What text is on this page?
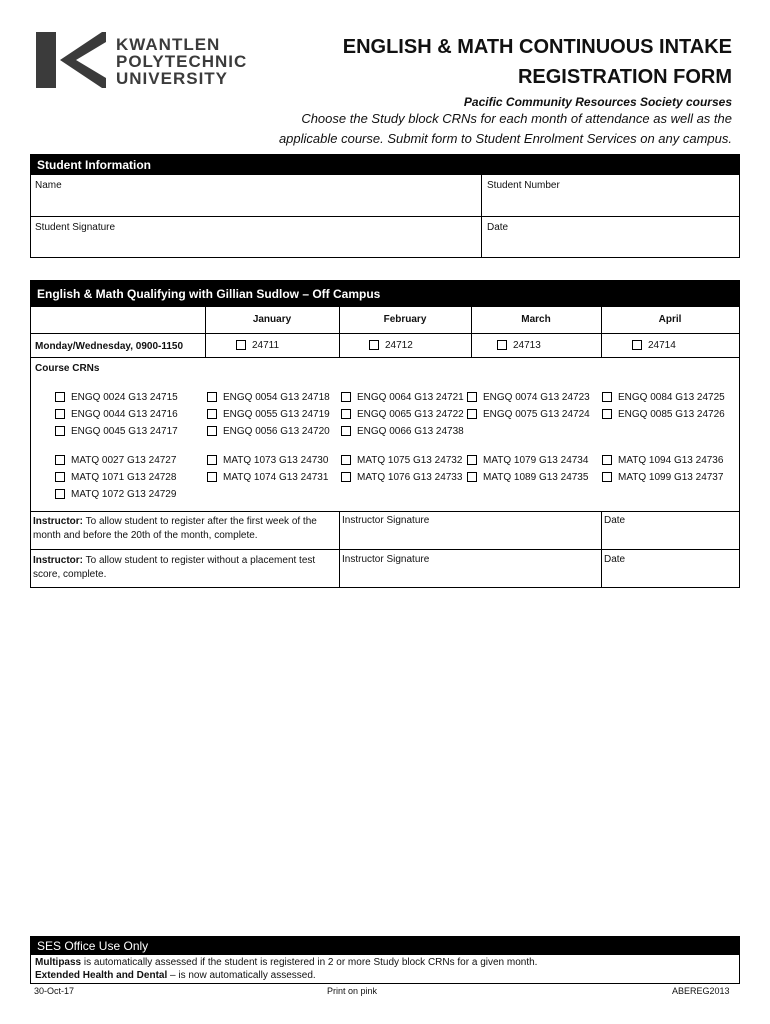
KWANTLEN
POLYTECHNIC
UNIVERSITY
ENGLISH & MATH CONTINUOUS INTAKE
REGISTRATION FORM
Pacific Community Resources Society courses
Choose the Study block CRNs for each month of attendance as well as the
applicable course. Submit form to Student Enrolment Services on any campus.
Student Information
Name	Student Number
Student Signature	Date
English & Math Qualifying with Gillian Sudlow – Off Campus
January	February	March	April
Monday/Wednesday, 0900-1150	24711	24712	24713	24714
Course CRNs
ENGQ 0024 G13 24715	ENGQ 0054 G13 24718	ENGQ 0064 G13 24721	ENGQ 0074 G13 24723	ENGQ 0084 G13 24725
ENGQ 0044 G13 24716	ENGQ 0055 G13 24719	ENGQ 0065 G13 24722	ENGQ 0075 G13 24724	ENGQ 0085 G13 24726
ENGQ 0045 G13 24717	ENGQ 0056 G13 24720	ENGQ 0066 G13 24738
MATQ 0027 G13 24727	MATQ 1073 G13 24730	MATQ 1075 G13 24732	MATQ 1079 G13 24734	MATQ 1094 G13 24736
MATQ 1071 G13 24728	MATQ 1074 G13 24731	MATQ 1076 G13 24733	MATQ 1089 G13 24735	MATQ 1099 G13 24737
MATQ 1072 G13 24729
Instructor: To allow student to register after the first week of the month and before the 20th of the month, complete.
Instructor Signature	Date
Instructor: To allow student to register without a placement test score, complete.
Instructor Signature	Date
SES Office Use Only
Multipass is automatically assessed if the student is registered in 2 or more Study block CRNs for a given month.
Extended Health and Dental – is now automatically assessed.
30-Oct-17	Print on pink	ABEREG2013
